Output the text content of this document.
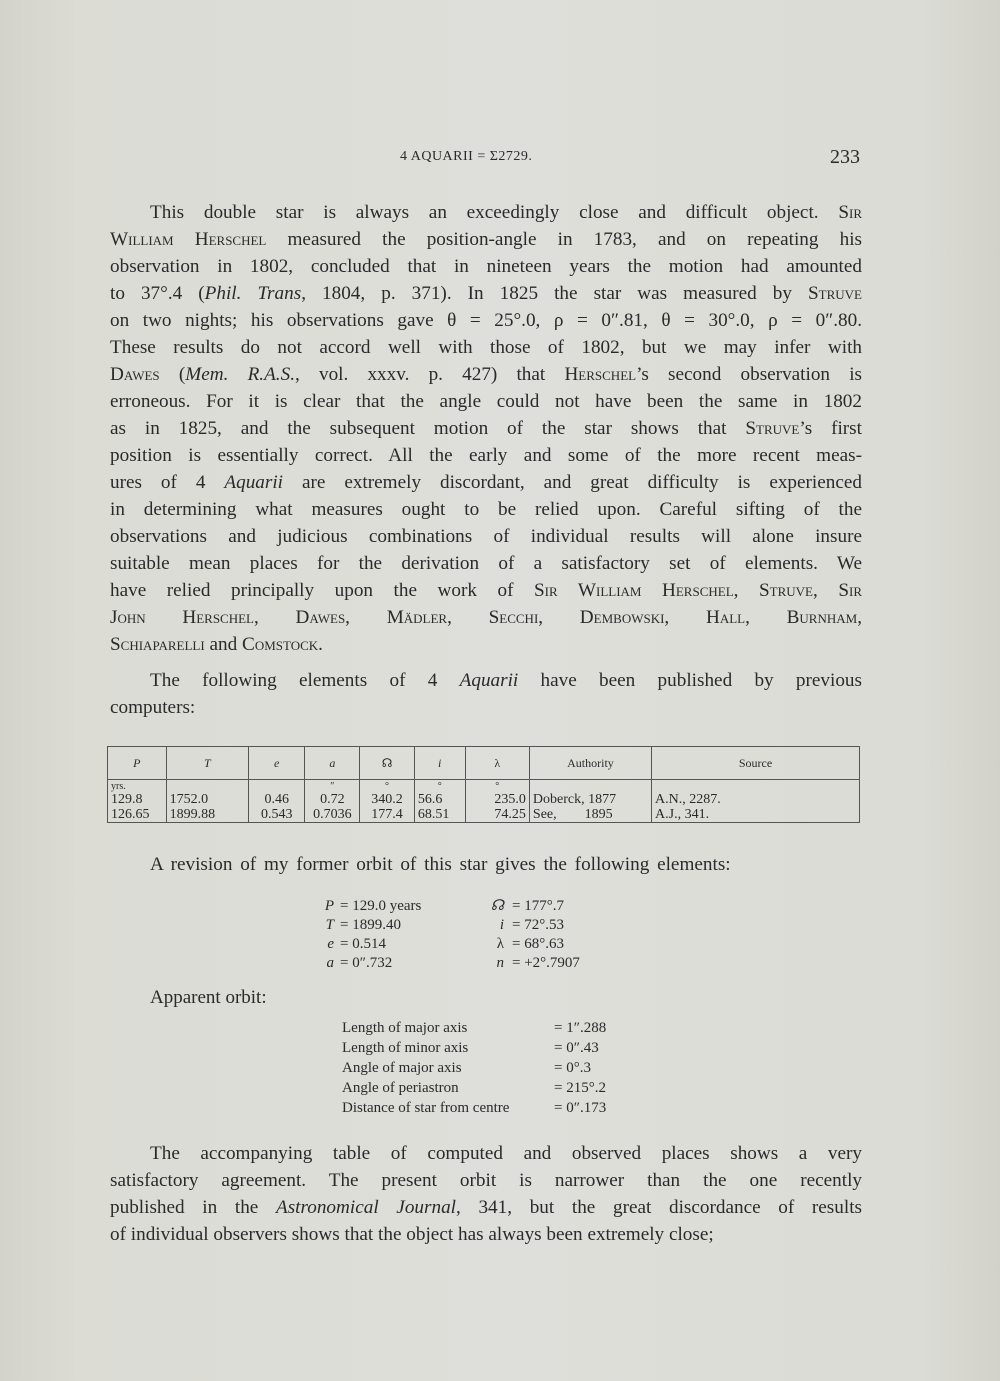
4 AQUARII = Σ2729.	233
This double star is always an exceedingly close and difficult object. Sir
William Herschel measured the position-angle in 1783, and on repeating his
observation in 1802, concluded that in nineteen years the motion had amounted
to 37°.4 (Phil. Trans, 1804, p. 371). In 1825 the star was measured by Struve
on two nights; his observations gave θ = 25°.0, ρ = 0″.81, θ = 30°.0, ρ = 0″.80.
These results do not accord well with those of 1802, but we may infer with
Dawes (Mem. R.A.S., vol. xxxv. p. 427) that Herschel’s second observation is
erroneous. For it is clear that the angle could not have been the same in 1802
as in 1825, and the subsequent motion of the star shows that Struve’s first
position is essentially correct. All the early and some of the more recent meas-
ures of 4 Aquarii are extremely discordant, and great difficulty is experienced
in determining what measures ought to be relied upon. Careful sifting of the
observations and judicious combinations of individual results will alone insure
suitable mean places for the derivation of a satisfactory set of elements. We
have relied principally upon the work of Sir William Herschel, Struve, Sir
John Herschel, Dawes, Mädler, Secchi, Dembowski, Hall, Burnham,
Schiaparelli and Comstock.
The following elements of 4 Aquarii have been published by previous
computers:
P	T	e	a	☊	i	λ	Authority	Source
yrs.			″	°	°	°		
129.8	1752.0	0.46	0.72	340.2	56.6	235.0	Doberck, 1877	A.N., 2287.
126.65	1899.88	0.543	0.7036	177.4	68.51	74.25	See,        1895	A.J., 341.
A revision of my former orbit of this star gives the following elements:
P = 129.0 years	☊ = 177°.7
T = 1899.40	i = 72°.53
e = 0.514	λ = 68°.63
a = 0″.732	n = +2°.7907
Apparent orbit:
Length of major axis	= 1″.288
Length of minor axis	= 0″.43
Angle of major axis	= 0°.3
Angle of periastron	= 215°.2
Distance of star from centre	= 0″.173
The accompanying table of computed and observed places shows a very
satisfactory agreement. The present orbit is narrower than the one recently
published in the Astronomical Journal, 341, but the great discordance of results
of individual observers shows that the object has always been extremely close;
